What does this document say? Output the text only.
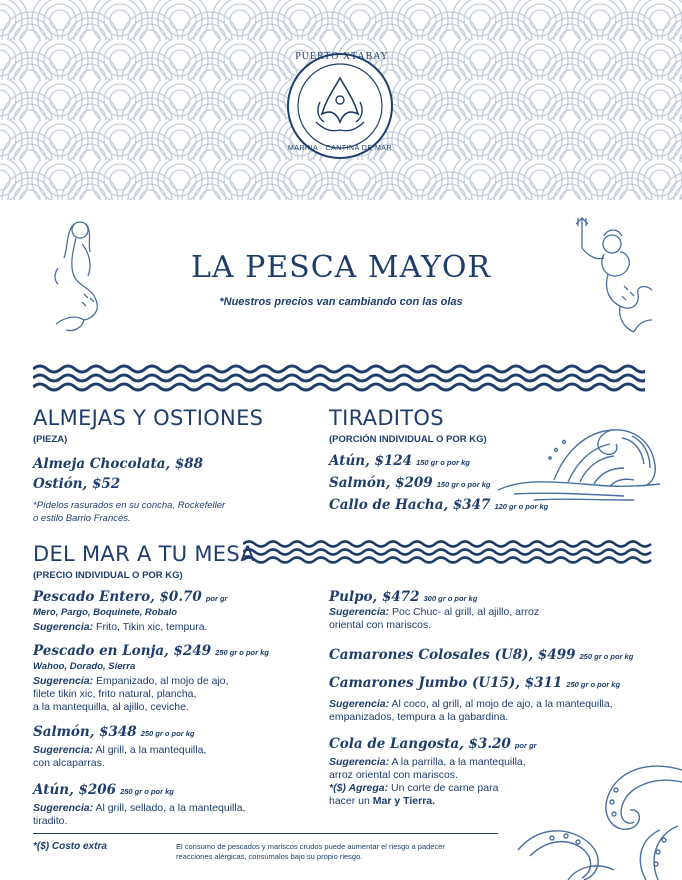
PUERTO XTABAY
MARINA · CANTINA DE MAR
LA PESCA MAYOR
*Nuestros precios van cambiando con las olas
ALMEJAS Y OSTIONES
(PIEZA)
Almeja Chocolata, $88
Ostión, $52
*Pídelos rasurados en su concha, Rockefeller
o estilo Barrio Francés.
TIRADITOS
(PORCIÓN INDIVIDUAL O POR KG)
Atún, $124 150 gr o por kg
Salmón, $209 150 gr o por kg
Callo de Hacha, $347 120 gr o por kg
DEL MAR A TU MESA
(PRECIO INDIVIDUAL O POR KG)
Pescado Entero, $0.70 por gr
Mero, Pargo, Boquinete, Robalo
Sugerencia: Frito, Tikin xic, tempura.
Pescado en Lonja, $249 250 gr o por kg
Wahoo, Dorado, Sierra
Sugerencia: Empanizado, al mojo de ajo,
filete tikin xic, frito natural, plancha,
a la mantequilla, al ajillo, ceviche.
Salmón, $348 250 gr o por kg
Sugerencia: Al grill, a la mantequilla,
con alcaparras.
Atún, $206 250 gr o por kg
Sugerencia: Al grill, sellado, a la mantequilla,
tiradito.
Pulpo, $472 300 gr o por kg
Sugerencia: Poc Chuc- al grill, al ajillo, arroz
oriental con mariscos.
Camarones Colosales (U8), $499 250 gr o por kg
Camarones Jumbo (U15), $311 250 gr o por kg
Sugerencia: Al coco, al grill, al mojo de ajo, a la mantequilla,
empanizados, tempura a la gabardina.
Cola de Langosta, $3.20 por gr
Sugerencia: A la parrilla, a la mantequilla,
arroz oriental con mariscos.
*($) Agrega: Un corte de carne para
hacer un Mar y Tierra.
*($) Costo extra	El consumo de pescados y mariscos crudos puede aumentar el riesgo a padecer
reacciones alérgicas, consúmalos bajo su propio riesgo.
